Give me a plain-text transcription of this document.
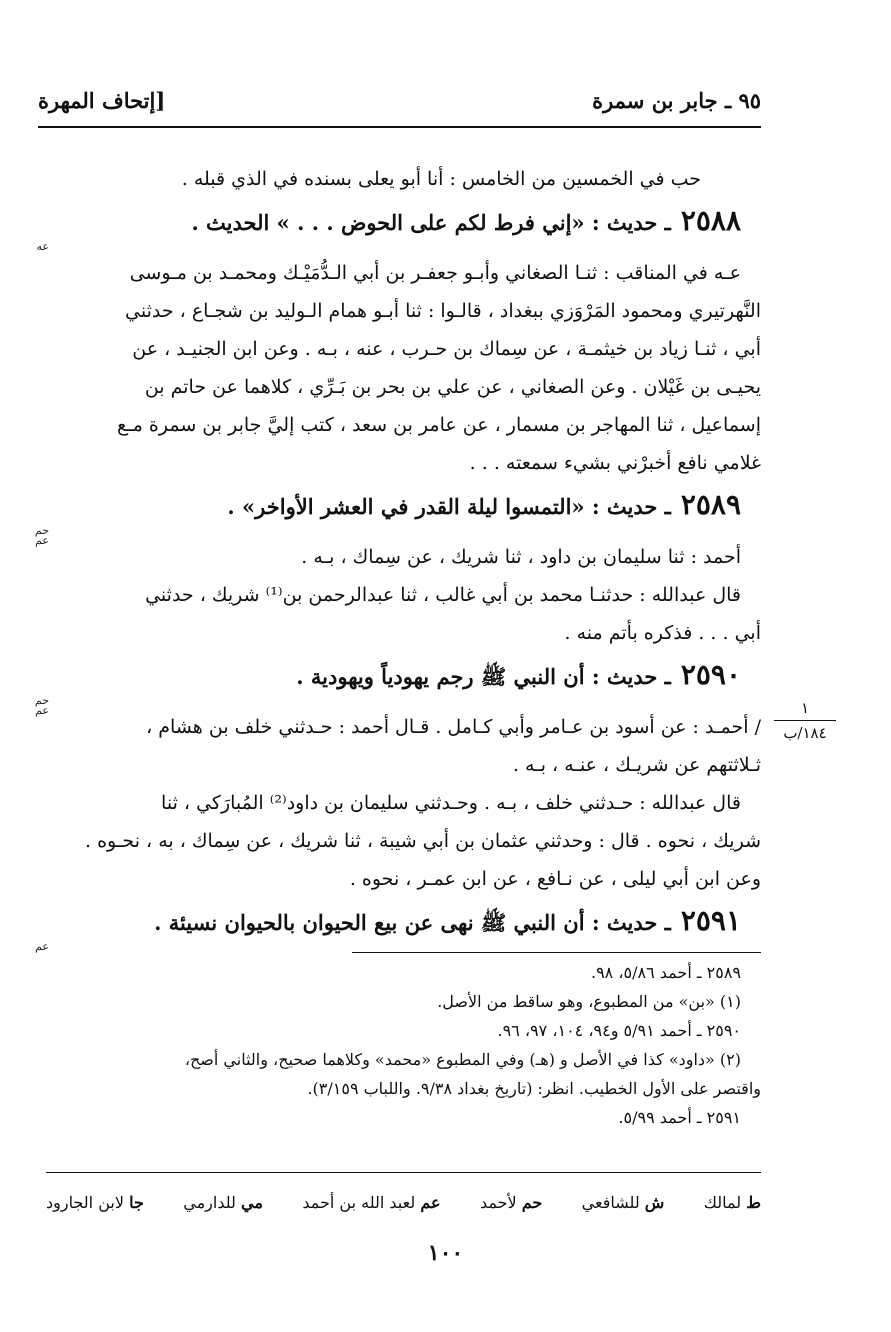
٩٥ ـ جابر بن سمرة
[إتحاف المهرة
حب في الخمسين من الخامس : أنا أبو يعلى بسنده في الذي قبله .
٢٥٨٨
ـ حديث : «إني فرط لكم على الحوض . . . » الحديث .
عه
عـه في المناقب : ثنـا الصغاني وأبـو جعفـر بن أبي الـدُّمَيْـك ومحمـد بن مـوسى
النَّهرتيري ومحمود المَرْوَزي ببغداد ، قالـوا : ثنا أبـو همام الـوليد بن شجـاع ، حدثني
أبي ، ثنـا زياد بن خيثمـة ، عن سِماك بن حـرب ، عنه ، بـه . وعن ابن الجنيـد ، عن
يحيـى بن غَيْلان . وعن الصغاني ، عن علي بن بحر بن بَـرِّي ، كلاهما عن حاتم بن
إسماعيل ، ثنا المهاجر بن مسمار ، عن عامر بن سعد ، كتب إليَّ جابر بن سمرة مـع
غلامي نافع أخبرْني بشيء سمعته . . .
٢٥٨٩
ـ حديث : «التمسوا ليلة القدر في العشر الأواخر» .
حم عم
أحمد : ثنا سليمان بن داود ، ثنا شريك ، عن سِماك ، بـه .
قال عبدالله : حدثنـا محمد بن أبي غالب ، ثنا عبدالرحمن بن⁽¹⁾ شريك ، حدثني
أبي . . . فذكره بأتم منه .
٢٥٩٠
ـ حديث : أن النبي ﷺ رجم يهودياً ويهودية .
حم عم
/ أحمـد : عن أسود بن عـامر وأبي كـامل . قـال أحمد : حـدثني خلف بن هشام ،
ثـلاثتهم عن شريـك ، عنـه ، بـه .
قال عبدالله : حـدثني خلف ، بـه . وحـدثني سليمان بن داود⁽²⁾ المُبارَكي ، ثنا
شريك ، نحوه . قال : وحدثني عثمان بن أبي شيبة ، ثنا شريك ، عن سِماك ، به ، نحـوه .
وعن ابن أبي ليلى ، عن نـافع ، عن ابن عمـر ، نحوه .
٢٥٩١
ـ حديث : أن النبي ﷺ نهى عن بيع الحيوان بالحيوان نسيئة .
عم
١
١٨٤/ب
٢٥٨٩ ـ أحمد ٥/٨٦، ٩٨.
(١) «بن» من المطبوع، وهو ساقط من الأصل.
٢٥٩٠ ـ أحمد ٥/٩١ و٩٤، ١٠٤، ٩٧، ٩٦.
(٢) «داود» كذا في الأصل و (هـ) وفي المطبوع «محمد» وكلاهما صحيح، والثاني أصح،
واقتصر على الأول الخطيب. انظر: (تاريخ بغداد ٩/٣٨. واللباب ٣/١٥٩).
٢٥٩١ ـ أحمد ٥/٩٩.
ط لمالك
ش للشافعي
حم لأحمد
عم لعبد الله بن أحمد
مي للدارمي
جا لابن الجارود
١٠٠
